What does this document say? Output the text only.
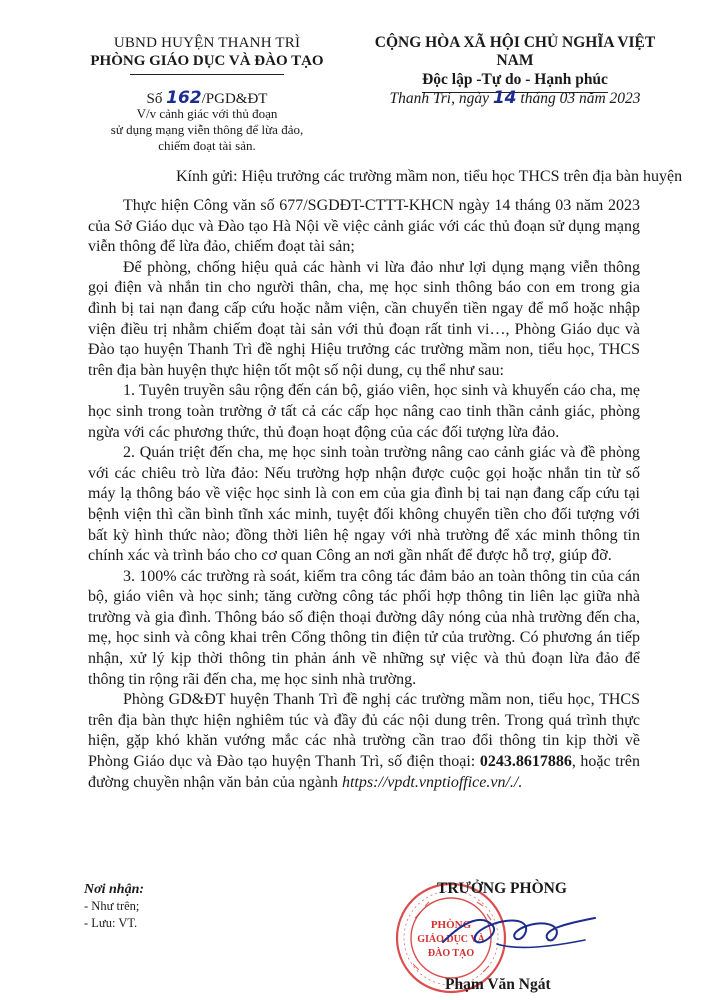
UBND HUYỆN THANH TRÌ
PHÒNG GIÁO DỤC VÀ ĐÀO TẠO
CỘNG HÒA XÃ HỘI CHỦ NGHĨA VIỆT NAM
Độc lập -Tự do - Hạnh phúc
Số 162/PGD&ĐT
V/v cảnh giác với thủ đoạn
sử dụng mạng viễn thông để lừa đảo,
chiếm đoạt tài sản.
Thanh Trì, ngày 14 tháng 03 năm 2023
Kính gửi: Hiệu trưởng các trường mầm non, tiểu học THCS trên địa bàn huyện

Thực hiện Công văn số 677/SGDĐT-CTTT-KHCN ngày 14 tháng 03 năm 2023 của Sở Giáo dục và Đào tạo Hà Nội về việc cảnh giác với các thủ đoạn sử dụng mạng viễn thông để lừa đảo, chiếm đoạt tài sản;

Để phòng, chống hiệu quả các hành vi lừa đảo như lợi dụng mạng viễn thông gọi điện và nhắn tin cho người thân, cha, mẹ học sinh thông báo con em trong gia đình bị tai nạn đang cấp cứu hoặc nằm viện, cần chuyển tiền ngay để mổ hoặc nhập viện điều trị nhằm chiếm đoạt tài sản với thủ đoạn rất tinh vi…, Phòng Giáo dục và Đào tạo huyện Thanh Trì đề nghị Hiệu trưởng các trường mầm non, tiểu học, THCS trên địa bàn huyện thực hiện tốt một số nội dung, cụ thể như sau:

1. Tuyên truyền sâu rộng đến cán bộ, giáo viên, học sinh và khuyến cáo cha, mẹ học sinh trong toàn trường ở tất cả các cấp học nâng cao tinh thần cảnh giác, phòng ngừa với các phương thức, thủ đoạn hoạt động của các đối tượng lừa đảo.

2. Quán triệt đến cha, mẹ học sinh toàn trường nâng cao cảnh giác và đề phòng với các chiêu trò lừa đảo: Nếu trường hợp nhận được cuộc gọi hoặc nhắn tin từ số máy lạ thông báo về việc học sinh là con em của gia đình bị tai nạn đang cấp cứu tại bệnh viện thì cần bình tĩnh xác minh, tuyệt đối không chuyển tiền cho đối tượng với bất kỳ hình thức nào; đồng thời liên hệ ngay với nhà trường để xác minh thông tin chính xác và trình báo cho cơ quan Công an nơi gần nhất để được hỗ trợ, giúp đỡ.

3. 100% các trường rà soát, kiểm tra công tác đảm bảo an toàn thông tin của cán bộ, giáo viên và học sinh; tăng cường công tác phối hợp thông tin liên lạc giữa nhà trường và gia đình. Thông báo số điện thoại đường dây nóng của nhà trường đến cha, mẹ, học sinh và công khai trên Cổng thông tin điện tử của trường. Có phương án tiếp nhận, xử lý kịp thời thông tin phản ánh về những sự việc và thủ đoạn lừa đảo để thông tin rộng rãi đến cha, mẹ học sinh nhà trường.

Phòng GD&ĐT huyện Thanh Trì đề nghị các trường mầm non, tiểu học, THCS trên địa bàn thực hiện nghiêm túc và đầy đủ các nội dung trên. Trong quá trình thực hiện, gặp khó khăn vướng mắc các nhà trường cần trao đổi thông tin kịp thời về Phòng Giáo dục và Đào tạo huyện Thanh Trì, số điện thoại: 0243.8617886, hoặc trên đường chuyền nhận văn bản của ngành https://vpdt.vnptioffice.vn/./.

Nơi nhận:
- Như trên;
- Lưu: VT.	PHÒNG
GIÁO DỤC VÀ
ĐÀO TẠO
TRƯỞNG PHÒNG
Phạm Văn Ngát
